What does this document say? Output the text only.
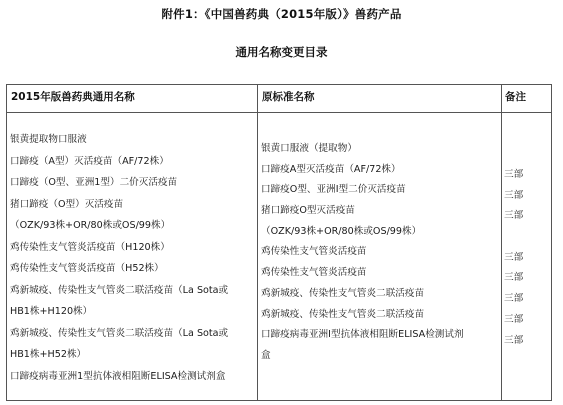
附件1：《中国兽药典（2015年版）》兽药产品
通用名称变更目录
2015年版兽药典通用名称	原标准名称	备注
银黄提取物口服液
口蹄疫（A型）灭活疫苗（AF/72株）
口蹄疫（O型、亚洲1型）二价灭活疫苗
猪口蹄疫（O型）灭活疫苗
（OZK/93株+OR/80株或OS/99株）
鸡传染性支气管炎活疫苗（H120株）
鸡传染性支气管炎活疫苗（H52株）
鸡新城疫、传染性支气管炎二联活疫苗（La Sota或
HB1株+H120株）
鸡新城疫、传染性支气管炎二联活疫苗（La Sota或
HB1株+H52株）
口蹄疫病毒亚洲1型抗体液相阻断ELISA检测试剂盒
银黄口服液（提取物）
口蹄疫A型灭活疫苗（AF/72株）
口蹄疫O型、亚洲Ⅰ型二价灭活疫苗
猪口蹄疫O型灭活疫苗
（OZK/93株+OR/80株或OS/99株）
鸡传染性支气管炎活疫苗
鸡传染性支气管炎活疫苗
鸡新城疫、传染性支气管炎二联活疫苗
鸡新城疫、传染性支气管炎二联活疫苗
口蹄疫病毒亚洲Ⅰ型抗体液相阻断ELISA检测试剂
盒
三部
三部
三部
三部
三部
三部
三部
三部
